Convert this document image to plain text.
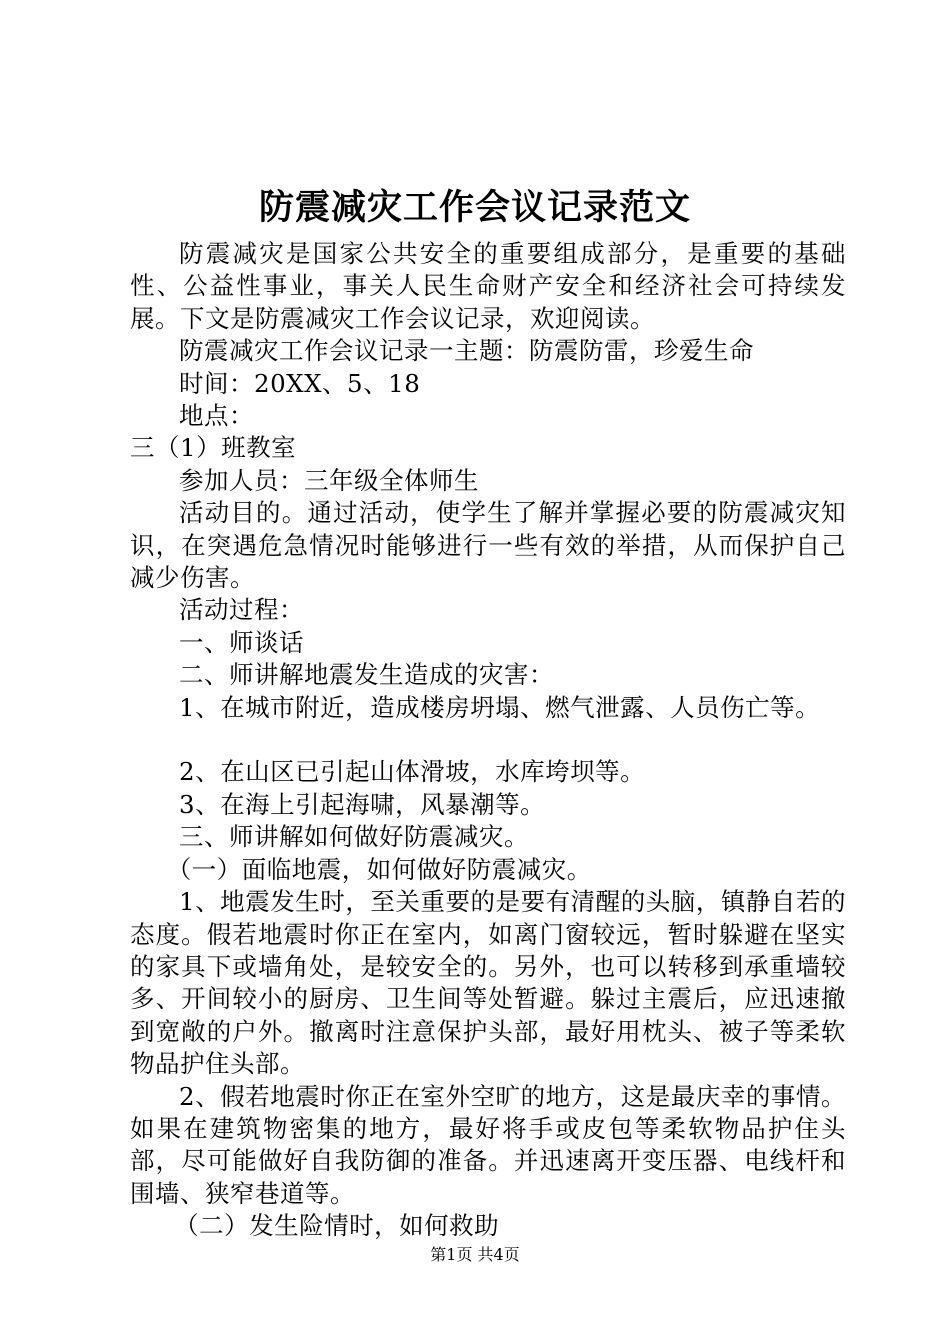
防震减灾工作会议记录范文

防震减灾是国家公共安全的重要组成部分，是重要的基础性、公益性事业，事关人民生命财产安全和经济社会可持续发展。下文是防震减灾工作会议记录，欢迎阅读。

防震减灾工作会议记录一主题：防震防雷，珍爱生命

时间：20XX、5、18

地点：

三（1）班教室

参加人员：三年级全体师生

活动目的。通过活动，使学生了解并掌握必要的防震减灾知识，在突遇危急情况时能够进行一些有效的举措，从而保护自己减少伤害。

活动过程：

一、师谈话

二、师讲解地震发生造成的灾害：

1、在城市附近，造成楼房坍塌、燃气泄露、人员伤亡等。

2、在山区已引起山体滑坡，水库垮坝等。

3、在海上引起海啸，风暴潮等。

三、师讲解如何做好防震减灾。

（一）面临地震，如何做好防震减灾。

1、地震发生时，至关重要的是要有清醒的头脑，镇静自若的态度。假若地震时你正在室内，如离门窗较远，暂时躲避在坚实的家具下或墙角处，是较安全的。另外，也可以转移到承重墙较多、开间较小的厨房、卫生间等处暂避。躲过主震后，应迅速撤到宽敞的户外。撤离时注意保护头部，最好用枕头、被子等柔软物品护住头部。

2、假若地震时你正在室外空旷的地方，这是最庆幸的事情。如果在建筑物密集的地方，最好将手或皮包等柔软物品护住头部，尽可能做好自我防御的准备。并迅速离开变压器、电线杆和围墙、狭窄巷道等。

（二）发生险情时，如何救助

第1页 共4页
